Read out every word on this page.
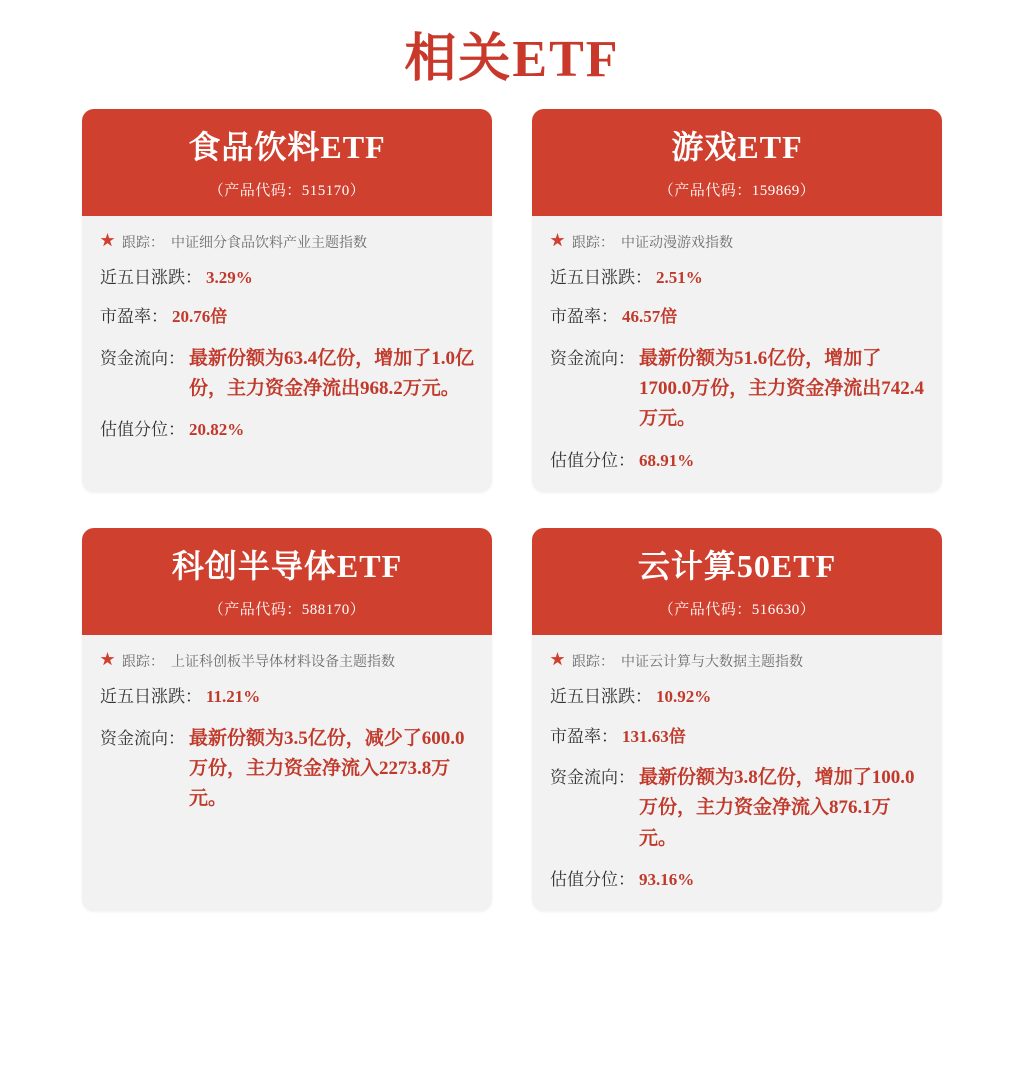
相关ETF
食品饮料ETF
（产品代码：515170）
★ 跟踪： 中证细分食品饮料产业主题指数
近五日涨跌： 3.29%
市盈率： 20.76倍
资金流向： 最新份额为63.4亿份，增加了1.0亿份，主力资金净流出968.2万元。
估值分位： 20.82%
游戏ETF
（产品代码：159869）
★ 跟踪： 中证动漫游戏指数
近五日涨跌： 2.51%
市盈率： 46.57倍
资金流向： 最新份额为51.6亿份，增加了1700.0万份，主力资金净流出742.4万元。
估值分位： 68.91%
科创半导体ETF
（产品代码：588170）
★ 跟踪： 上证科创板半导体材料设备主题指数
近五日涨跌： 11.21%
资金流向： 最新份额为3.5亿份，减少了600.0万份，主力资金净流入2273.8万元。
云计算50ETF
（产品代码：516630）
★ 跟踪： 中证云计算与大数据主题指数
近五日涨跌： 10.92%
市盈率： 131.63倍
资金流向： 最新份额为3.8亿份，增加了100.0万份，主力资金净流入876.1万元。
估值分位： 93.16%
